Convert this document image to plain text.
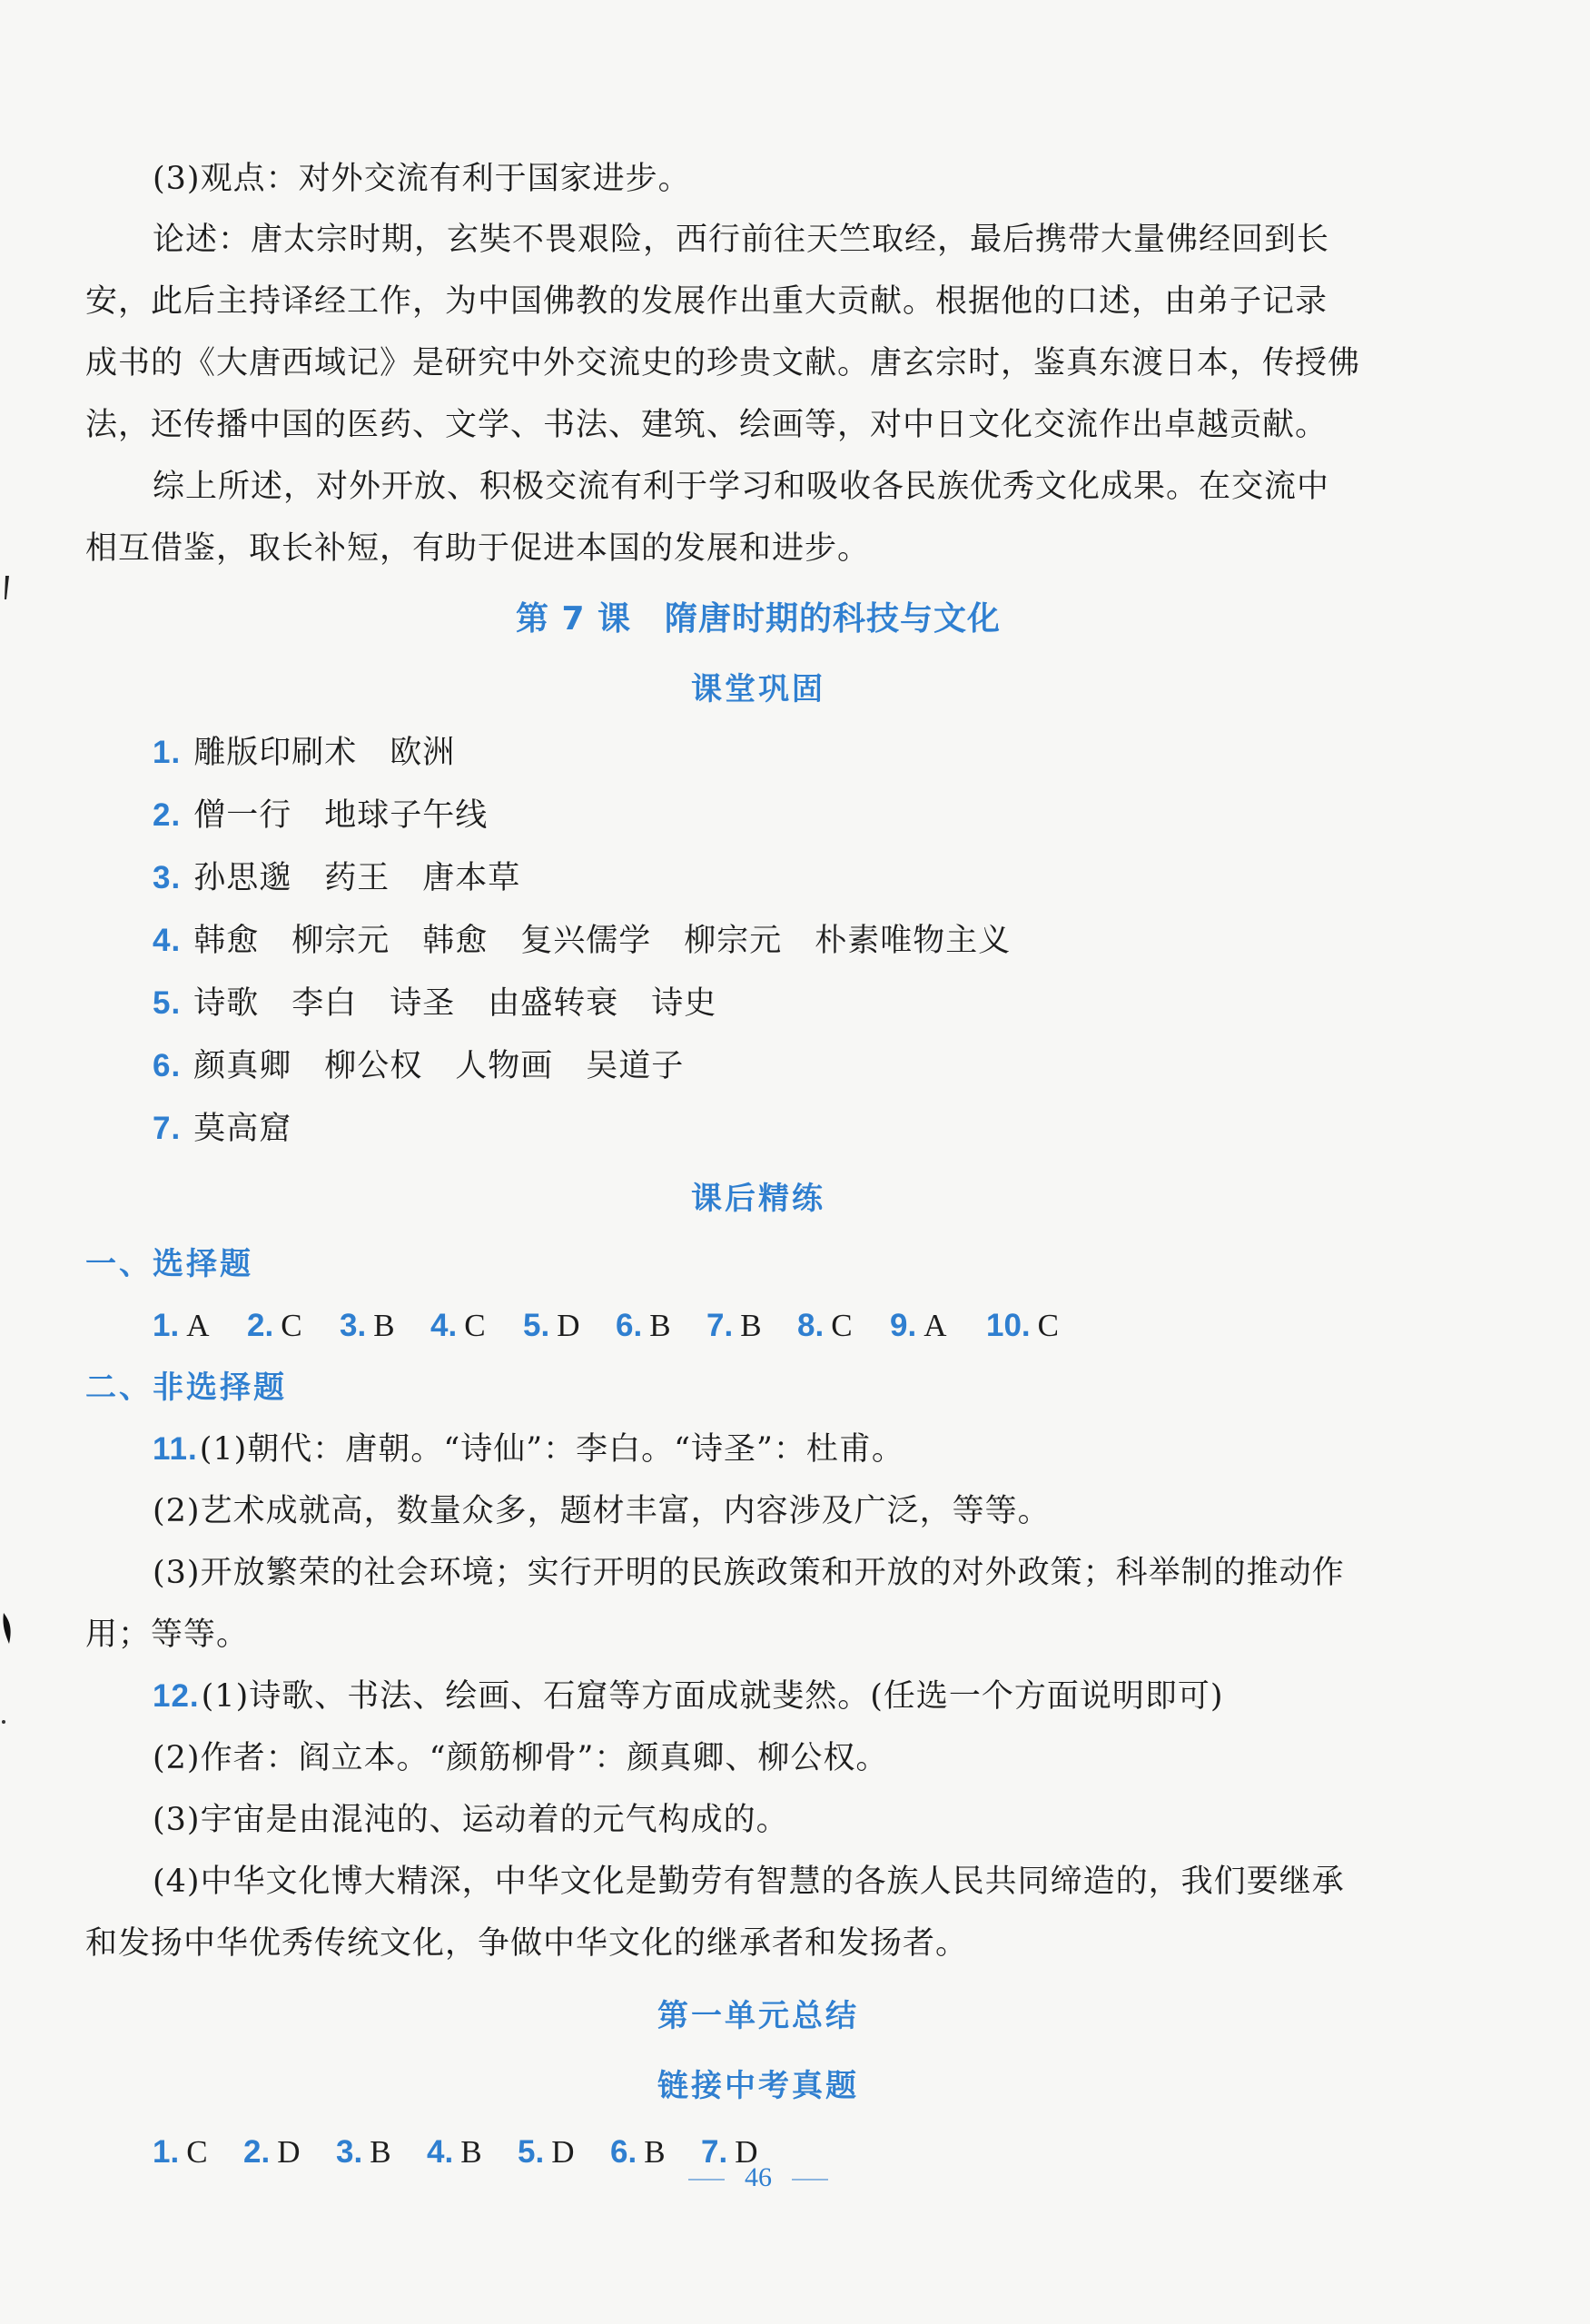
(3)观点：对外交流有利于国家进步。
论述：唐太宗时期，玄奘不畏艰险，西行前往天竺取经，最后携带大量佛经回到长
安，此后主持译经工作，为中国佛教的发展作出重大贡献。根据他的口述，由弟子记录
成书的《大唐西域记》是研究中外交流史的珍贵文献。唐玄宗时，鉴真东渡日本，传授佛
法，还传播中国的医药、文学、书法、建筑、绘画等，对中日文化交流作出卓越贡献。
综上所述，对外开放、积极交流有利于学习和吸收各民族优秀文化成果。在交流中
相互借鉴，取长补短，有助于促进本国的发展和进步。
第 7 课　隋唐时期的科技与文化
课堂巩固
1. 雕版印刷术　欧洲
2. 僧一行　地球子午线
3. 孙思邈　药王　唐本草
4. 韩愈　柳宗元　韩愈　复兴儒学　柳宗元　朴素唯物主义
5. 诗歌　李白　诗圣　由盛转衰　诗史
6. 颜真卿　柳公权　人物画　吴道子
7. 莫高窟
课后精练
一、选择题
1. A 2. C 3. B 4. C 5. D 6. B 7. B 8. C 9. A 10. C
二、非选择题
11.(1)朝代：唐朝。“诗仙”：李白。“诗圣”：杜甫。
(2)艺术成就高，数量众多，题材丰富，内容涉及广泛，等等。
(3)开放繁荣的社会环境；实行开明的民族政策和开放的对外政策；科举制的推动作
用；等等。
12.(1)诗歌、书法、绘画、石窟等方面成就斐然。(任选一个方面说明即可)
(2)作者：阎立本。“颜筋柳骨”：颜真卿、柳公权。
(3)宇宙是由混沌的、运动着的元气构成的。
(4)中华文化博大精深，中华文化是勤劳有智慧的各族人民共同缔造的，我们要继承
和发扬中华优秀传统文化，争做中华文化的继承者和发扬者。
第一单元总结
链接中考真题
1. C 2. D 3. B 4. B 5. D 6. B 7. D
46
